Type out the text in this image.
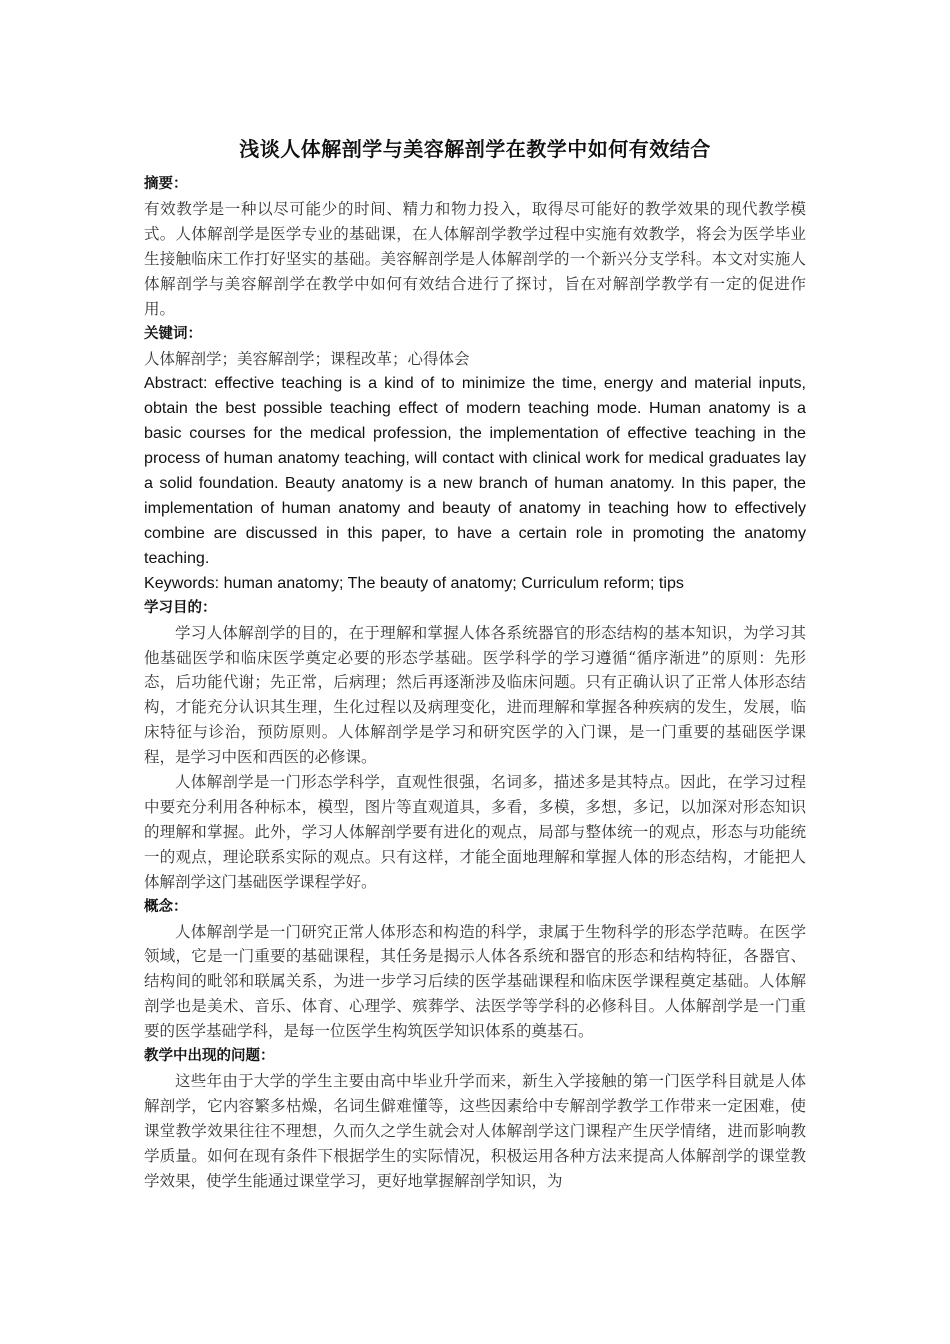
浅谈人体解剖学与美容解剖学在教学中如何有效结合
摘要：

有效教学是一种以尽可能少的时间、精力和物力投入，取得尽可能好的教学效果的现代教学模式。人体解剖学是医学专业的基础课，在人体解剖学教学过程中实施有效教学，将会为医学毕业生接触临床工作打好坚实的基础。美容解剖学是人体解剖学的一个新兴分支学科。本文对实施人体解剖学与美容解剖学在教学中如何有效结合进行了探讨，旨在对解剖学教学有一定的促进作用。

关键词：

人体解剖学；美容解剖学；课程改革；心得体会

Abstract: effective teaching is a kind of to minimize the time, energy and material inputs, obtain the best possible teaching effect of modern teaching mode. Human anatomy is a basic courses for the medical profession, the implementation of effective teaching in the process of human anatomy teaching, will contact with clinical work for medical graduates lay a solid foundation. Beauty anatomy is a new branch of human anatomy. In this paper, the implementation of human anatomy and beauty of anatomy in teaching how to effectively combine are discussed in this paper, to have a certain role in promoting the anatomy teaching.

Keywords: human anatomy; The beauty of anatomy; Curriculum reform; tips

学习目的：

学习人体解剖学的目的，在于理解和掌握人体各系统器官的形态结构的基本知识，为学习其他基础医学和临床医学奠定必要的形态学基础。医学科学的学习遵循“循序渐进”的原则：先形态，后功能代谢；先正常，后病理；然后再逐渐涉及临床问题。只有正确认识了正常人体形态结构，才能充分认识其生理，生化过程以及病理变化，进而理解和掌握各种疾病的发生，发展，临床特征与诊治，预防原则。人体解剖学是学习和研究医学的入门课，是一门重要的基础医学课程，是学习中医和西医的必修课。

人体解剖学是一门形态学科学，直观性很强，名词多，描述多是其特点。因此，在学习过程中要充分利用各种标本，模型，图片等直观道具，多看，多模，多想，多记，以加深对形态知识的理解和掌握。此外，学习人体解剖学要有进化的观点，局部与整体统一的观点，形态与功能统一的观点，理论联系实际的观点。只有这样，才能全面地理解和掌握人体的形态结构，才能把人体解剖学这门基础医学课程学好。

概念：

人体解剖学是一门研究正常人体形态和构造的科学，隶属于生物科学的形态学范畴。在医学领域，它是一门重要的基础课程，其任务是揭示人体各系统和器官的形态和结构特征，各器官、结构间的毗邻和联属关系，为进一步学习后续的医学基础课程和临床医学课程奠定基础。人体解剖学也是美术、音乐、体育、心理学、殡葬学、法医学等学科的必修科目。人体解剖学是一门重要的医学基础学科，是每一位医学生构筑医学知识体系的奠基石。

教学中出现的问题：

这些年由于大学的学生主要由高中毕业升学而来，新生入学接触的第一门医学科目就是人体解剖学，它内容繁多枯燥，名词生僻难懂等，这些因素给中专解剖学教学工作带来一定困难，使课堂教学效果往往不理想，久而久之学生就会对人体解剖学这门课程产生厌学情绪，进而影响教学质量。如何在现有条件下根据学生的实际情况，积极运用各种方法来提高人体解剖学的课堂教学效果，使学生能通过课堂学习，更好地掌握解剖学知识，为
